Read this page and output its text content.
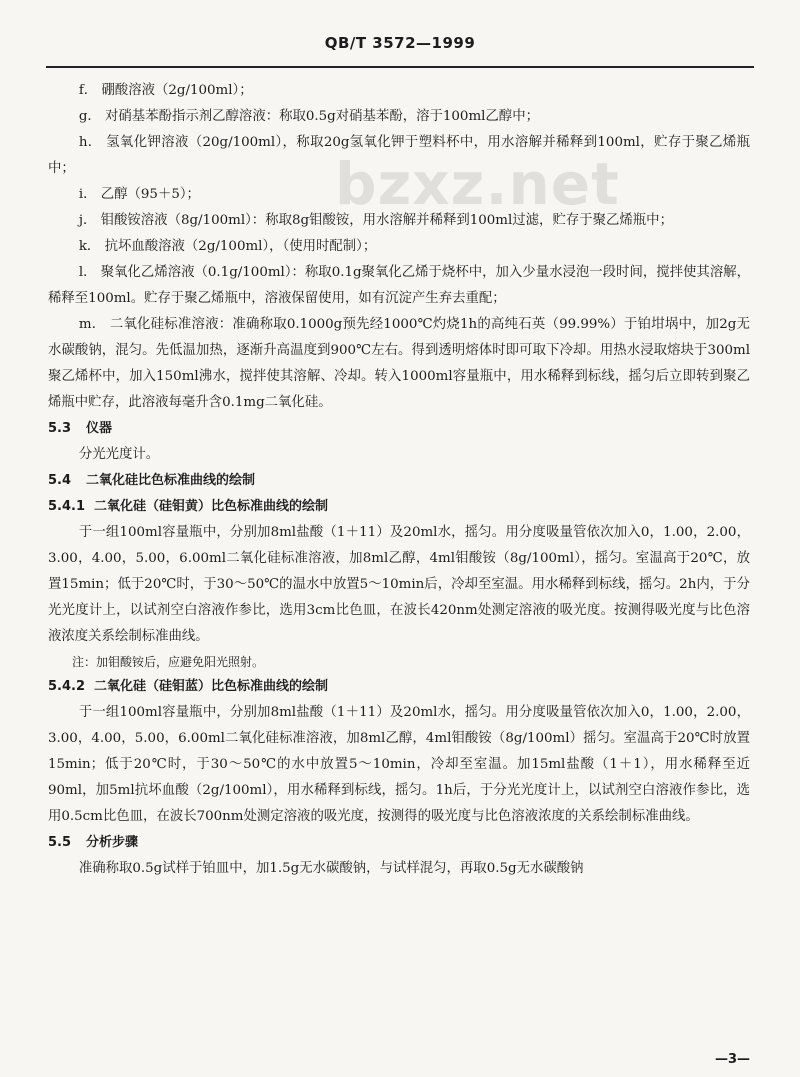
QB/T 3572—1999
bzxz.net

f． 硼酸溶液（2g/100ml）；

g． 对硝基苯酚指示剂乙醇溶液：称取0.5g对硝基苯酚，溶于100ml乙醇中；

h． 氢氧化钾溶液（20g/100ml），称取20g氢氧化钾于塑料杯中，用水溶解并稀释到100ml，贮存于聚乙烯瓶中；

i． 乙醇（95＋5）；

j． 钼酸铵溶液（8g/100ml）：称取8g钼酸铵，用水溶解并稀释到100ml过滤，贮存于聚乙烯瓶中；

k． 抗坏血酸溶液（2g/100ml），（使用时配制）；

l． 聚氧化乙烯溶液（0.1g/100ml）：称取0.1g聚氧化乙烯于烧杯中，加入少量水浸泡一段时间，搅拌使其溶解，稀释至100ml。贮存于聚乙烯瓶中，溶液保留使用，如有沉淀产生弃去重配；

m． 二氧化硅标准溶液：准确称取0.1000g预先经1000℃灼烧1h的高纯石英（99.99%）于铂坩埚中，加2g无水碳酸钠，混匀。先低温加热，逐渐升高温度到900℃左右。得到透明熔体时即可取下冷却。用热水浸取熔块于300ml聚乙烯杯中，加入150ml沸水，搅拌使其溶解、冷却。转入1000ml容量瓶中，用水稀释到标线，摇匀后立即转到聚乙烯瓶中贮存，此溶液每毫升含0.1mg二氧化硅。

5.3 仪器

分光光度计。

5.4 二氧化硅比色标准曲线的绘制

5.4.1 二氧化硅（硅钼黄）比色标准曲线的绘制

于一组100ml容量瓶中，分别加8ml盐酸（1＋11）及20ml水，摇匀。用分度吸量管依次加入0，1.00，2.00，3.00，4.00，5.00，6.00ml二氧化硅标准溶液，加8ml乙醇，4ml钼酸铵（8g/100ml），摇匀。室温高于20℃，放置15min；低于20℃时，于30～50℃的温水中放置5～10min后，冷却至室温。用水稀释到标线，摇匀。2h内，于分光光度计上，以试剂空白溶液作参比，选用3cm比色皿，在波长420nm处测定溶液的吸光度。按测得吸光度与比色溶液浓度关系绘制标准曲线。

注：加钼酸铵后，应避免阳光照射。

5.4.2 二氧化硅（硅钼蓝）比色标准曲线的绘制

于一组100ml容量瓶中，分别加8ml盐酸（1＋11）及20ml水，摇匀。用分度吸量管依次加入0，1.00，2.00，3.00，4.00，5.00，6.00ml二氧化硅标准溶液，加8ml乙醇，4ml钼酸铵（8g/100ml）摇匀。室温高于20℃时放置15min；低于20℃时，于30～50℃的水中放置5～10min，冷却至室温。加15ml盐酸（1＋1），用水稀释至近90ml，加5ml抗坏血酸（2g/100ml），用水稀释到标线，摇匀。1h后，于分光光度计上，以试剂空白溶液作参比，选用0.5cm比色皿，在波长700nm处测定溶液的吸光度，按测得的吸光度与比色溶液浓度的关系绘制标准曲线。

5.5 分析步骤

准确称取0.5g试样于铂皿中，加1.5g无水碳酸钠，与试样混匀，再取0.5g无水碳酸钠

—3—
